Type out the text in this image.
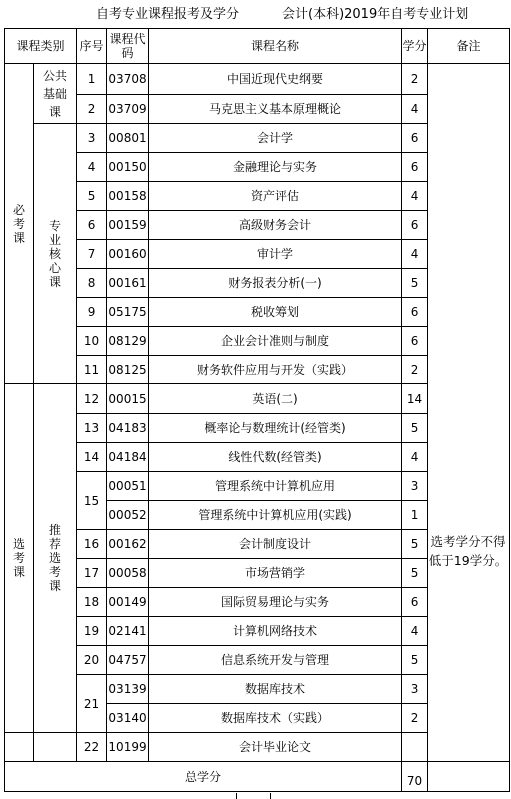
自考专业课程报考及学分	会计(本科)2019年自考专业计划
课程类别		序号	课程代码	课程名称	学分	备注
必考课	公共基础课	1	03708	中国近现代史纲要	2	
		2	03709	马克思主义基本原理概论	4	
	专业核心课	3	00801	会计学	6	
		4	00150	金融理论与实务	6	
		5	00158	资产评估	4	
		6	00159	高级财务会计	6	
		7	00160	审计学	4	
		8	00161	财务报表分析(一)	5	
		9	05175	税收筹划	6	
		10	08129	企业会计准则与制度	6	
		11	08125	财务软件应用与开发（实践）	2	
选考课	推荐选考课	12	00015	英语(二)	14	
		13	04183	概率论与数理统计(经管类)	5	
		14	04184	线性代数(经管类)	4	
		15	00051	管理系统中计算机应用	3	
			00052	管理系统中计算机应用(实践)	1	
		16	00162	会计制度设计	5	
		17	00058	市场营销学	5	
		18	00149	国际贸易理论与实务	6	
		19	02141	计算机网络技术	4	
		20	04757	信息系统开发与管理	5	
		21	03139	数据库技术	3	
			03140	数据库技术（实践）	2	
		22	10199	会计毕业论文		
总学分					70	
选考学分不得低于19学分。
